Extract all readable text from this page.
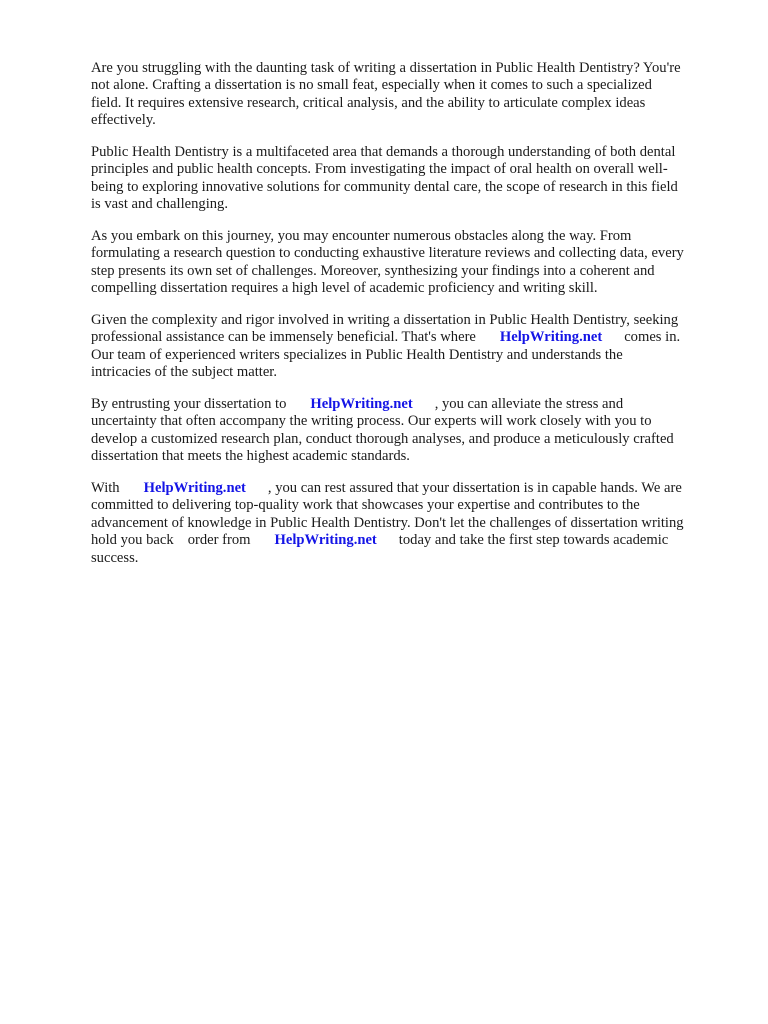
Are you struggling with the daunting task of writing a dissertation in Public Health Dentistry? You're
not alone. Crafting a dissertation is no small feat, especially when it comes to such a specialized
field. It requires extensive research, critical analysis, and the ability to articulate complex ideas
effectively.

Public Health Dentistry is a multifaceted area that demands a thorough understanding of both dental
principles and public health concepts. From investigating the impact of oral health on overall well-
being to exploring innovative solutions for community dental care, the scope of research in this field
is vast and challenging.

As you embark on this journey, you may encounter numerous obstacles along the way. From
formulating a research question to conducting exhaustive literature reviews and collecting data, every
step presents its own set of challenges. Moreover, synthesizing your findings into a coherent and
compelling dissertation requires a high level of academic proficiency and writing skill.

Given the complexity and rigor involved in writing a dissertation in Public Health Dentistry, seeking
professional assistance can be immensely beneficial. That's where HelpWriting.net comes in.
Our team of experienced writers specializes in Public Health Dentistry and understands the
intricacies of the subject matter.

By entrusting your dissertation to HelpWriting.net , you can alleviate the stress and
uncertainty that often accompany the writing process. Our experts will work closely with you to
develop a customized research plan, conduct thorough analyses, and produce a meticulously crafted
dissertation that meets the highest academic standards.

With HelpWriting.net , you can rest assured that your dissertation is in capable hands. We are
committed to delivering top-quality work that showcases your expertise and contributes to the
advancement of knowledge in Public Health Dentistry. Don't let the challenges of dissertation writing
hold you back order from HelpWriting.net today and take the first step towards academic
success.
